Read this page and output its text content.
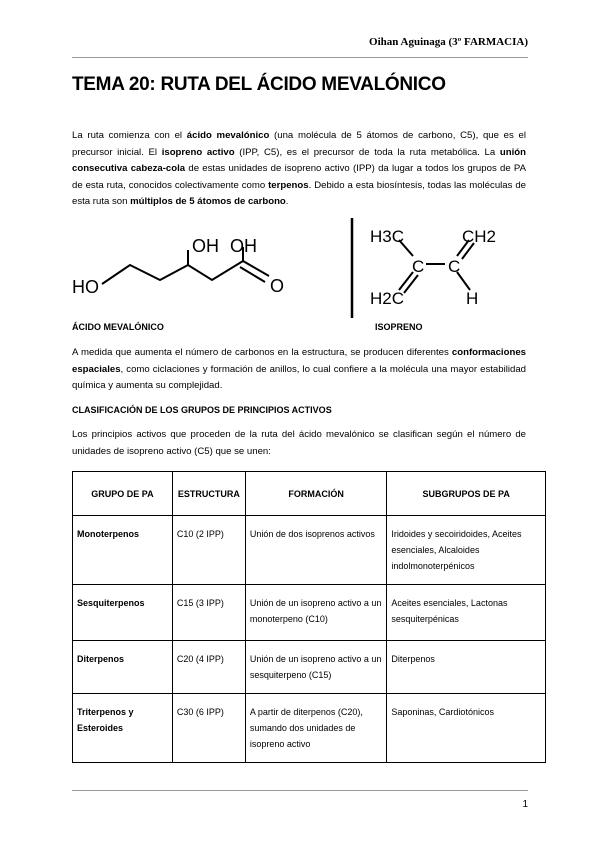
Oihan Aguinaga (3º FARMACIA)
TEMA 20: RUTA DEL ÁCIDO MEVALÓNICO

La ruta comienza con el ácido mevalónico (una molécula de 5 átomos de carbono, C5), que es el precursor inicial. El isopreno activo (IPP, C5), es el precursor de toda la ruta metabólica. La unión consecutiva cabeza-cola de estas unidades de isopreno activo (IPP) da lugar a todos los grupos de PA de esta ruta, conocidos colectivamente como terpenos. Debido a esta biosíntesis, todas las moléculas de esta ruta son múltiplos de 5 átomos de carbono.

HO
OH OH
O
H3C	CH2
C C
H2C	H
ÁCIDO MEVALÓNICO	ISOPRENO

A medida que aumenta el número de carbonos en la estructura, se producen diferentes conformaciones espaciales, como ciclaciones y formación de anillos, lo cual confiere a la molécula una mayor estabilidad química y aumenta su complejidad.

CLASIFICACIÓN DE LOS GRUPOS DE PRINCIPIOS ACTIVOS

Los principios activos que proceden de la ruta del ácido mevalónico se clasifican según el número de unidades de isopreno activo (C5) que se unen:

GRUPO DE PA	ESTRUCTURA	FORMACIÓN	SUBGRUPOS DE PA
Monoterpenos	C10 (2 IPP)	Unión de dos isoprenos activos	Iridoides y secoiridoides, Aceites esenciales, Alcaloides indolmonoterpénicos
Sesquiterpenos	C15 (3 IPP)	Unión de un isopreno activo a un monoterpeno (C10)	Aceites esenciales, Lactonas sesquiterpénicas
Diterpenos	C20 (4 IPP)	Unión de un isopreno activo a un sesquiterpeno (C15)	Diterpenos
Triterpenos y Esteroides	C30 (6 IPP)	A partir de diterpenos (C20), sumando dos unidades de isopreno activo	Saponinas, Cardiotónicos
1
